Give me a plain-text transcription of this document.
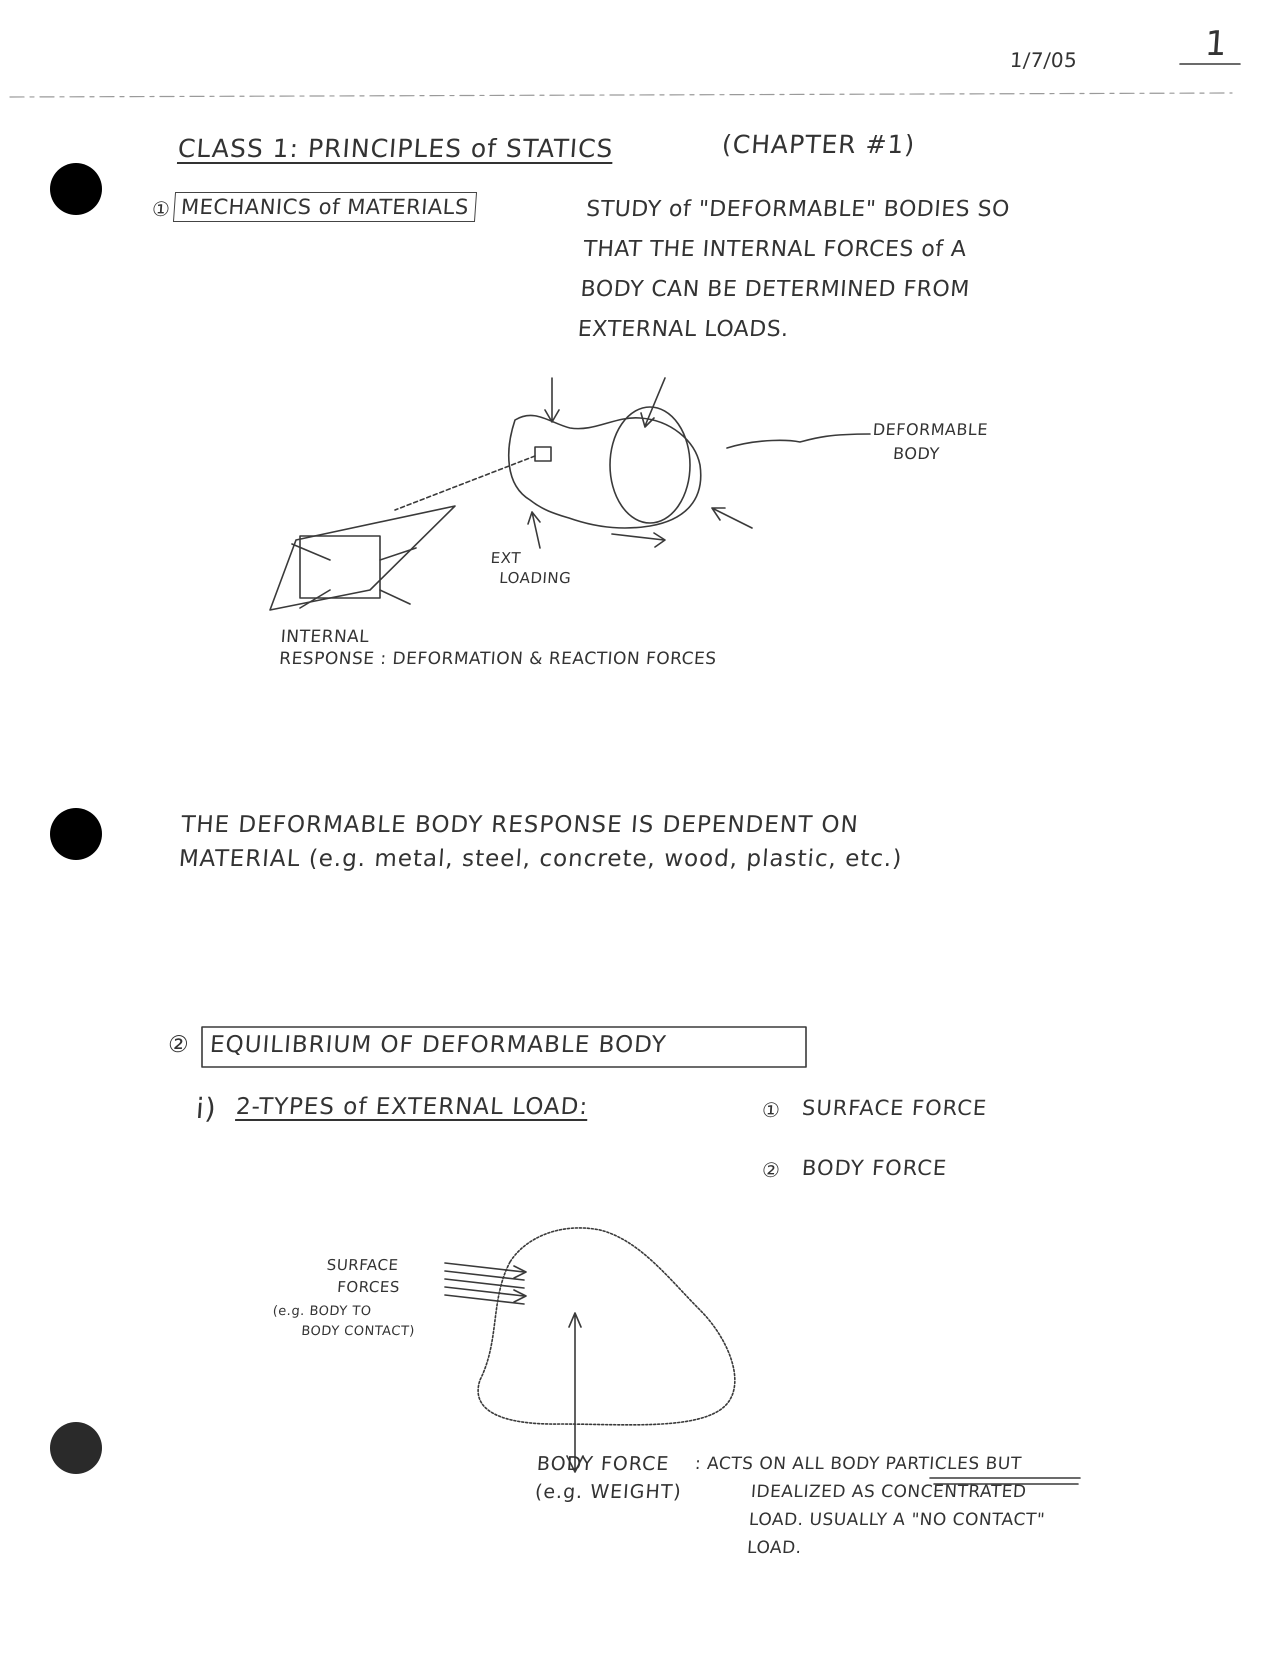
1/7/05	1
CLASS 1: PRINCIPLES of STATICS	(CHAPTER #1)
① MECHANICS of MATERIALS	STUDY of "DEFORMABLE" BODIES SO
THAT THE INTERNAL FORCES of A
BODY CAN BE DETERMINED FROM
EXTERNAL LOADS.
DEFORMABLE
BODY
EXT
LOADING
INTERNAL
RESPONSE : DEFORMATION & REACTION FORCES
THE DEFORMABLE BODY RESPONSE IS DEPENDENT ON
MATERIAL (e.g. metal, steel, concrete, wood, plastic, etc.)
② EQUILIBRIUM OF DEFORMABLE BODY
i) 2-TYPES of EXTERNAL LOAD:	① SURFACE FORCE
② BODY FORCE
SURFACE
FORCES
(e.g. BODY TO
BODY CONTACT)
BODY FORCE
(e.g. WEIGHT)
: ACTS ON ALL BODY PARTICLES BUT
IDEALIZED AS CONCENTRATED
LOAD. USUALLY A "NO CONTACT"
LOAD.
